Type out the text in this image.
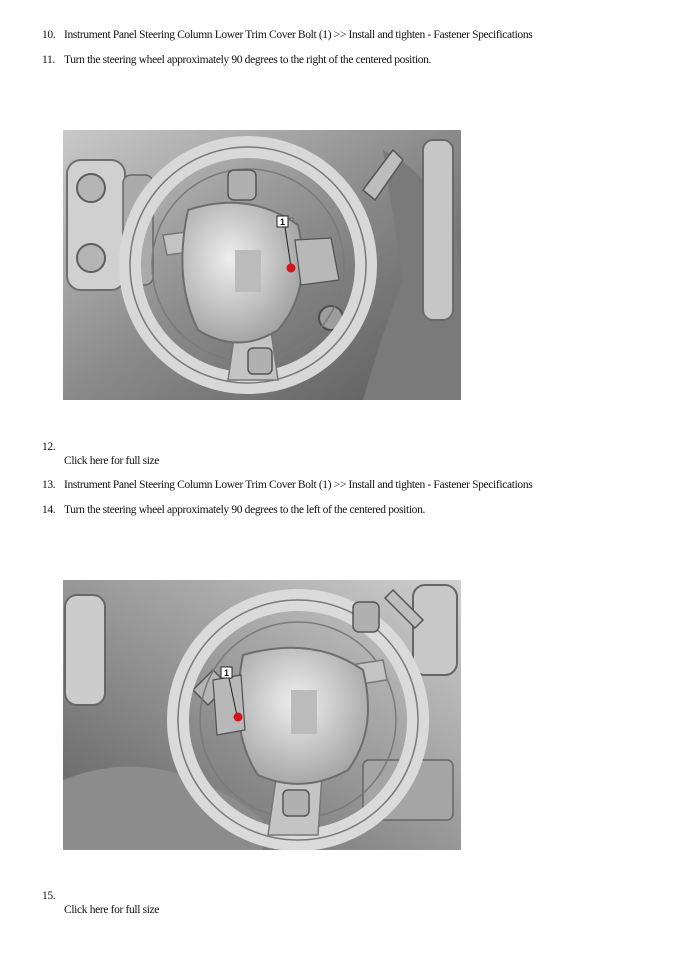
10. Instrument Panel Steering Column Lower Trim Cover Bolt (1) >> Install and tighten - Fastener Specifications
11. Turn the steering wheel approximately 90 degrees to the right of the centered position.
1
12.
Click here for full size
13. Instrument Panel Steering Column Lower Trim Cover Bolt (1) >> Install and tighten - Fastener Specifications
14. Turn the steering wheel approximately 90 degrees to the left of the centered position.
1
15.
Click here for full size
